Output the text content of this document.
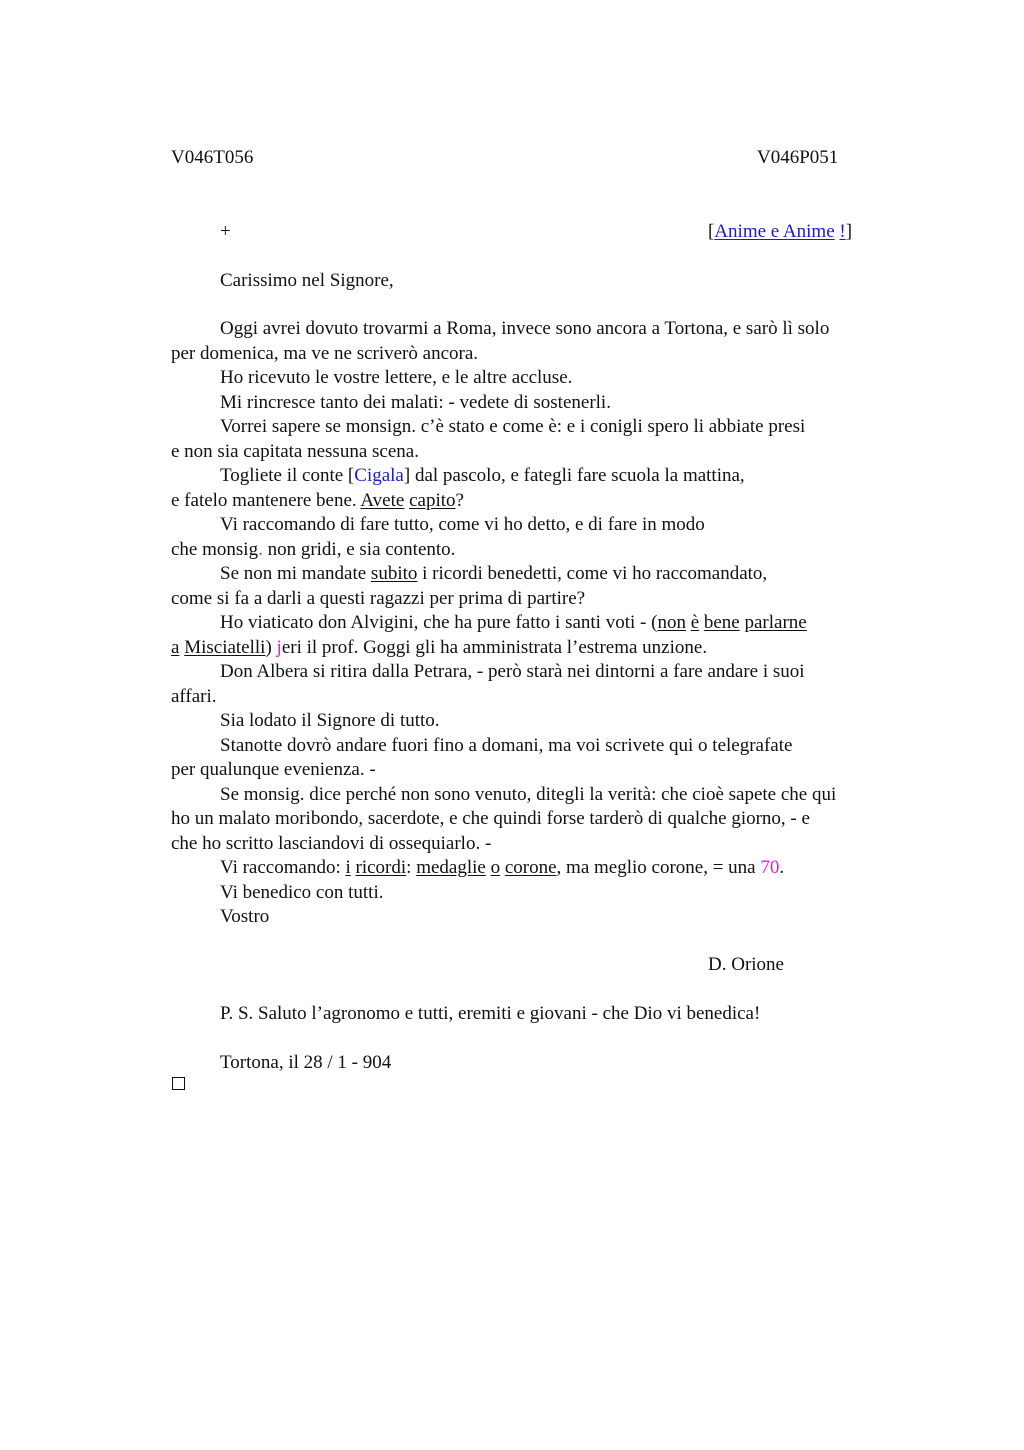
V046T056	V046P051
+	[Anime e Anime !]
Carissimo nel Signore,
Oggi avrei dovuto trovarmi a Roma, invece sono ancora a Tortona, e sarò lì solo
per domenica, ma ve ne scriverò ancora.
Ho ricevuto le vostre lettere, e le altre accluse.
Mi rincresce tanto dei malati: - vedete di sostenerli.
Vorrei sapere se monsign. c’è stato e come è: e i conigli spero li abbiate presi
e non sia capitata nessuna scena.
Togliete il conte [Cigala] dal pascolo, e fategli fare scuola la mattina,
e fatelo mantenere bene. Avete capito?
Vi raccomando di fare tutto, come vi ho detto, e di fare in modo
che monsig. non gridi, e sia contento.
Se non mi mandate subito i ricordi benedetti, come vi ho raccomandato,
come si fa a darli a questi ragazzi per prima di partire?
Ho viaticato don Alvigini, che ha pure fatto i santi voti - (non è bene parlarne
a Misciatelli) jeri il prof. Goggi gli ha amministrata l’estrema unzione.
Don Albera si ritira dalla Petrara, - però starà nei dintorni a fare andare i suoi
affari.
Sia lodato il Signore di tutto.
Stanotte dovrò andare fuori fino a domani, ma voi scrivete qui o telegrafate
per qualunque evenienza. -
Se monsig. dice perché non sono venuto, ditegli la verità: che cioè sapete che qui
ho un malato moribondo, sacerdote, e che quindi forse tarderò di qualche giorno, - e
che ho scritto lasciandovi di ossequiarlo. -
Vi raccomando: i ricordi: medaglie o corone, ma meglio corone, = una 70.
Vi benedico con tutti.
Vostro
D. Orione
P. S. Saluto l’agronomo e tutti, eremiti e giovani - che Dio vi benedica!
Tortona, il 28 / 1 - 904
